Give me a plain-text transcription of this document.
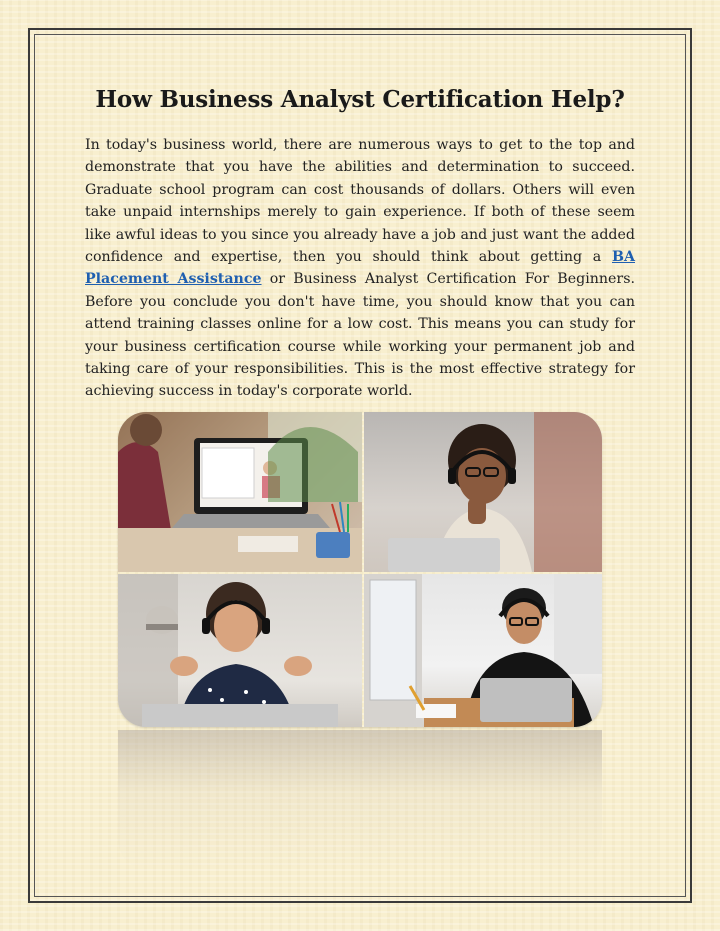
How Business Analyst Certification Help?

In today's business world, there are numerous ways to get to the top and demonstrate that you have the abilities and determination to succeed. Graduate school program can cost thousands of dollars. Others will even take unpaid internships merely to gain experience. If both of these seem like awful ideas to you since you already have a job and just want the added confidence and expertise, then you should think about getting a BA Placement Assistance or Business Analyst Certification For Beginners. Before you conclude you don't have time, you should know that you can attend training classes online for a low cost. This means you can study for your business certification course while working your permanent job and taking care of your responsibilities. This is the most effective strategy for achieving success in today's corporate world.
